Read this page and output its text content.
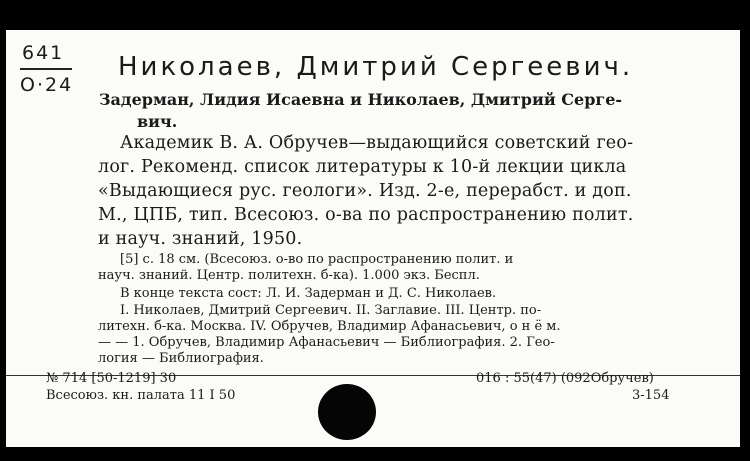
641
О·24
Николаев, Дмитрий Сергеевич.
Задерман, Лидия Исаевна и Николаев, Дмитрий Серге-
вич.
Академик В. А. Обручев—выдающийся советский гео-
лог. Рекоменд. список литературы к 10-й лекции цикла
«Выдающиеся рус. геологи». Изд. 2-е, перерабст. и доп.
М., ЦПБ, тип. Всесоюз. о-ва по распространению полит.
и науч. знаний, 1950.
[5] с. 18 см. (Всесоюз. о-во по распространению полит. и
науч. знаний. Центр. политехн. б-ка). 1.000 экз. Беспл.
В конце текста сост: Л. И. Задерман и Д. С. Николаев.
I. Николаев, Дмитрий Сергеевич. II. Заглавие. III. Центр. по-
литехн. б-ка. Москва. IV. Обручев, Владимир Афанасьевич, о н ё м.
— — 1. Обручев, Владимир Афанасьевич — Библиография. 2. Гео-
логия — Библиография.
№ 714 [50-1219] 30
Всесоюз. кн. палата 11 I 50
016 : 55(47) (092Обручев)
3-154
